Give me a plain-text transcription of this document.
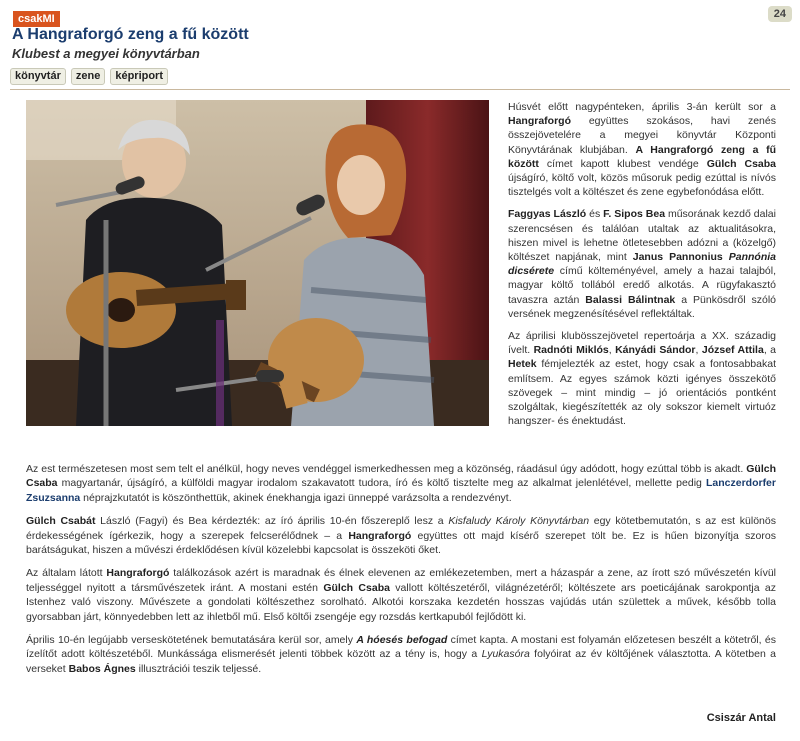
csakMI	24
A Hangraforgó zeng a fű között
Klubest a megyei könyvtárban
könyvtár	zene	képriport

Húsvét előtt nagypénteken, április 3-án került sor a Hangraforgó együttes szokásos, havi zenés összejövetelére a megyei könyvtár Központi Könyvtárának klubjában. A Hangraforgó zeng a fű között címet kapott klubest vendége Gülch Csaba újságíró, költő volt, közös műsoruk pedig ezúttal is nívós tisztelgés volt a költészet és zene egybefonódása előtt.

Faggyas László és F. Sipos Bea műsorának kezdő dalai szerencsésen és találóan utaltak az aktualitásokra, hiszen mivel is lehetne ötletesebben adózni a (közelgő) költészet napjának, mint Janus Pannonius Pannónia dicsérete című költeményével, amely a hazai talajból, magyar költő tollából eredő alkotás. A rügyfakasztó tavaszra aztán Balassi Bálintnak a Pünkösdről szóló versének megzenésítésével reflektáltak.

Az áprilisi klubösszejövetel repertoárja a XX. századig ívelt. Radnóti Miklós, Kányádi Sándor, József Attila, a Hetek fémjelezték az estet, hogy csak a fontosabbakat említsem. Az egyes számok közti igényes összekötő szövegek – mint mindig – jó orientációs pontként szolgáltak, kiegészítették az oly sokszor kiemelt virtuóz hangszer- és énektudást.

Az est természetesen most sem telt el anélkül, hogy neves vendéggel ismerkedhessen meg a közönség, ráadásul úgy adódott, hogy ezúttal több is akadt. Gülch Csaba magyartanár, újságíró, a külföldi magyar irodalom szakavatott tudora, író és költő tisztelte meg az alkalmat jelenlétével, mellette pedig Lanczerdorfer Zsuzsanna néprajzkutatót is köszönthettük, akinek énekhangja igazi ünneppé varázsolta a rendezvényt.

Gülch Csabát László (Fagyi) és Bea kérdezték: az író április 10-én főszereplő lesz a Kisfaludy Károly Könyvtárban egy kötetbemutatón, s az est különös érdekességének ígérkezik, hogy a szerepek felcserélődnek – a Hangraforgó együttes ott majd kísérő szerepet tölt be. Ez is hűen bizonyítja szoros barátságukat, hiszen a művészi érdeklődésen kívül közelebbi kapcsolat is összeköti őket.

Az általam látott Hangraforgó találkozások azért is maradnak és élnek elevenen az emlékezetemben, mert a házaspár a zene, az írott szó művészetén kívül teljességgel nyitott a társművészetek iránt. A mostani estén Gülch Csaba vallott költészetéről, világnézetéről; költészete ars poeticájának sarokpontja az Istenhez való viszony. Művészete a gondolati költészethez sorolható. Alkotói korszaka kezdetén hosszas vajúdás után születtek a művek, később tolla gyorsabban járt, könnyedebben lett az ihletből mű. Első költői zsengéje egy rozsdás kertkapuból fejlődött ki.

Április 10-én legújabb verseskötetének bemutatására kerül sor, amely A hóesés befogad címet kapta. A mostani est folyamán előzetesen beszélt a kötetről, és ízelítőt adott költészetéből. Munkássága elismerését jelenti többek között az a tény is, hogy a Lyukasóra folyóirat az év költőjének választotta. A kötetben a verseket Babos Ágnes illusztrációi teszik teljessé.

Csiszár Antal
